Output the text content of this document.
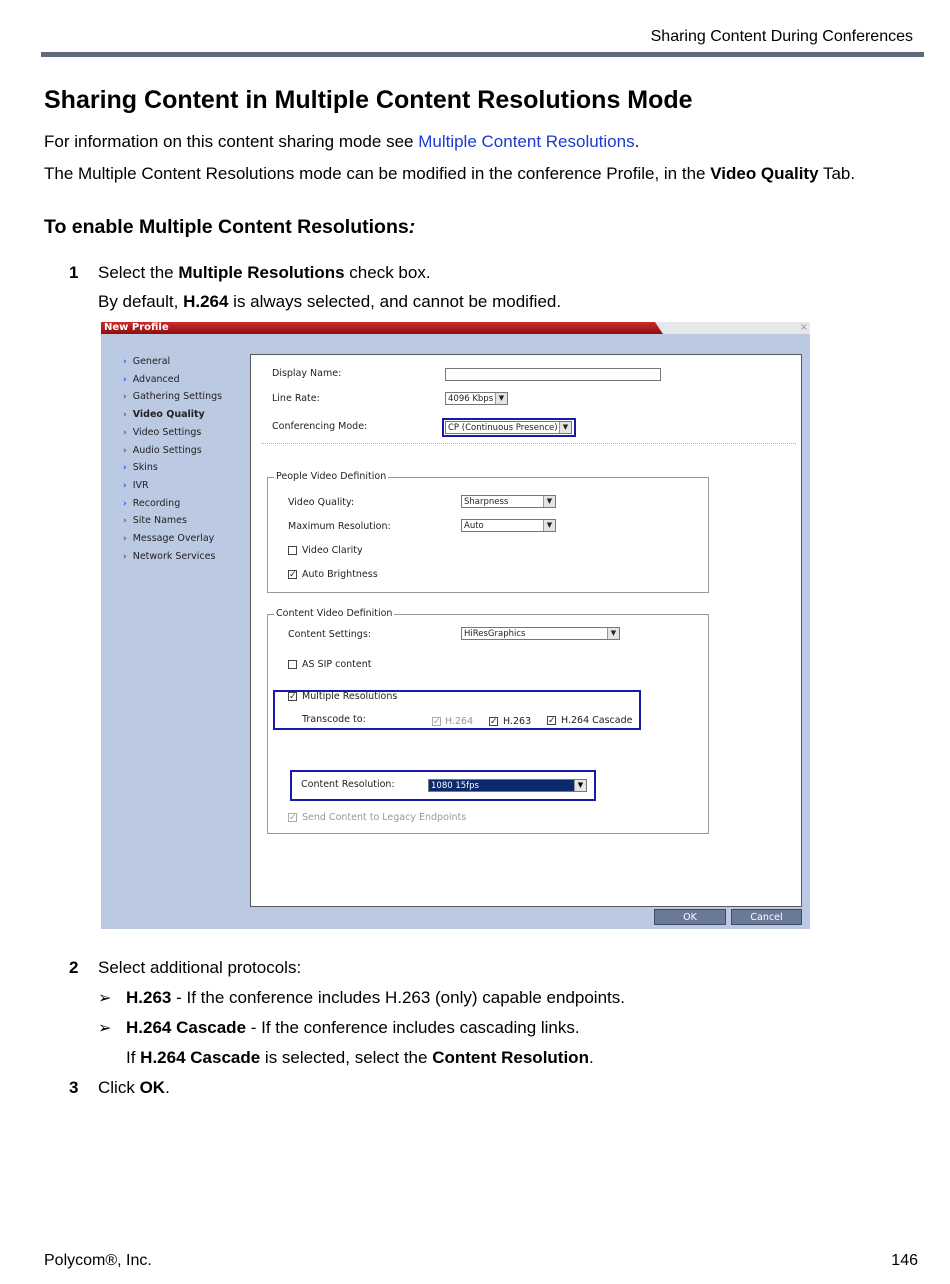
Sharing Content During Conferences
Sharing Content in Multiple Content Resolutions Mode
For information on this content sharing mode see Multiple Content Resolutions.
The Multiple Content Resolutions mode can be modified in the conference Profile, in the Video Quality Tab.
To enable Multiple Content Resolutions:
1 Select the Multiple Resolutions check box.
By default, H.264 is always selected, and cannot be modified.
New Profile	×
› General
› Advanced
› Gathering Settings
› Video Quality
› Video Settings
› Audio Settings
› Skins
› IVR
› Recording
› Site Names
› Message Overlay
› Network Services
Display Name:
Line Rate:	4096 Kbps ▼
Conferencing Mode:	CP (Continuous Presence) ▼
People Video Definition
Video Quality:	Sharpness	▼
Maximum Resolution:	Auto	▼
Video Clarity
✓ Auto Brightness
Content Video Definition
Content Settings:	HiResGraphics	▼
AS SIP content
✓ Multiple Resolutions
Transcode to:	✓ H.264 ✓ H.263 ✓ H.264 Cascade
Content Resolution:	1080 15fps	▼
✓ Send Content to Legacy Endpoints
OK	Cancel
2 Select additional protocols:
➢ H.263 - If the conference includes H.263 (only) capable endpoints.
➢ H.264 Cascade - If the conference includes cascading links.
If H.264 Cascade is selected, select the Content Resolution.
3 Click OK.
Polycom®, Inc.	146
